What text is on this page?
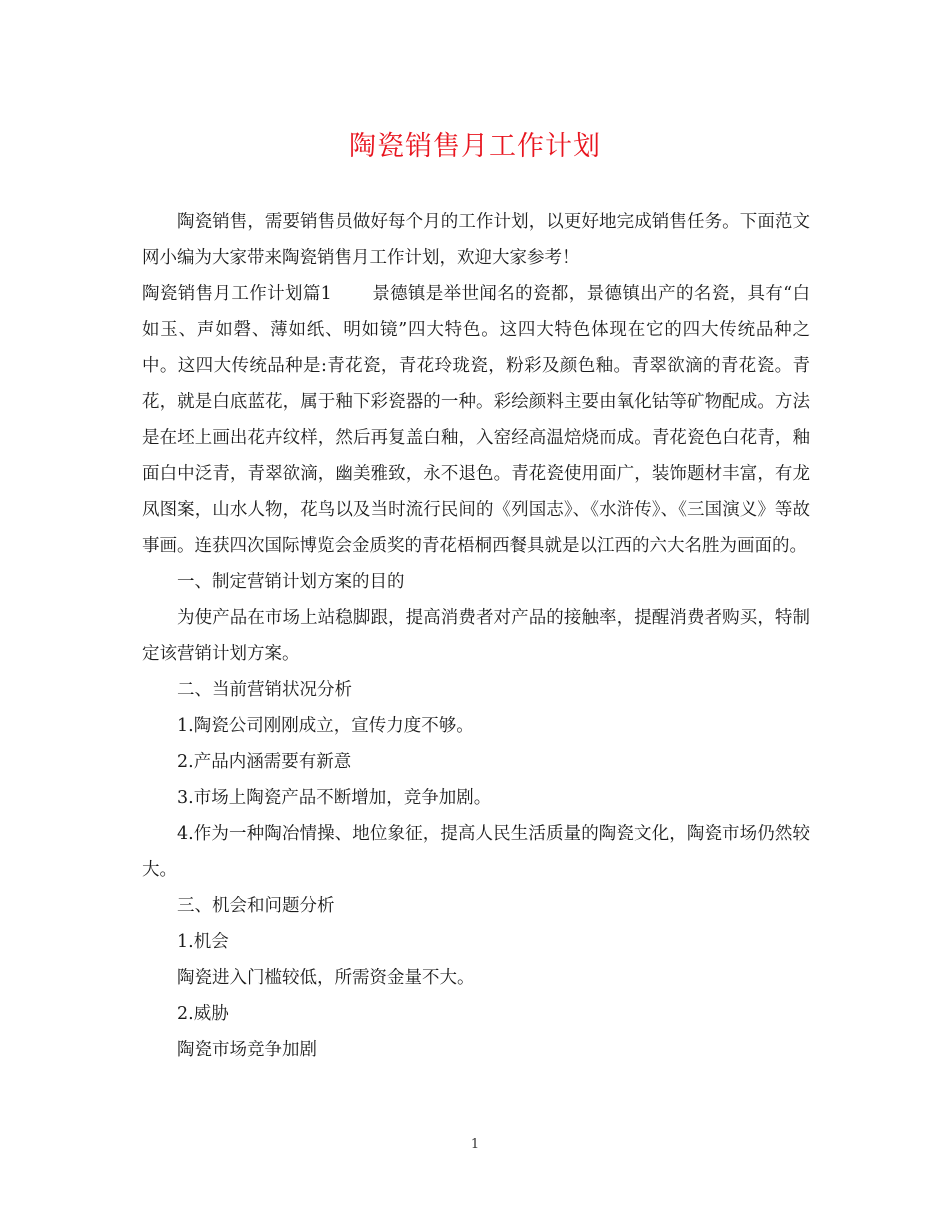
陶瓷销售月工作计划

陶瓷销售，需要销售员做好每个月的工作计划，以更好地完成销售任务。下面范文网小编为大家带来陶瓷销售月工作计划，欢迎大家参考！

陶瓷销售月工作计划篇1 景德镇是举世闻名的瓷都，景德镇出产的名瓷，具有“白如玉、声如磬、薄如纸、明如镜”四大特色。这四大特色体现在它的四大传统品种之中。这四大传统品种是:青花瓷，青花玲珑瓷，粉彩及颜色釉。青翠欲滴的青花瓷。青花，就是白底蓝花，属于釉下彩瓷器的一种。彩绘颜料主要由氧化钴等矿物配成。方法是在坯上画出花卉纹样，然后再复盖白釉，入窑经高温焙烧而成。青花瓷色白花青，釉面白中泛青，青翠欲滴，幽美雅致，永不退色。青花瓷使用面广，装饰题材丰富，有龙凤图案，山水人物，花鸟以及当时流行民间的《列国志》、《水浒传》、《三国演义》等故事画。连获四次国际博览会金质奖的青花梧桐西餐具就是以江西的六大名胜为画面的。

一、制定营销计划方案的目的

为使产品在市场上站稳脚跟，提高消费者对产品的接触率，提醒消费者购买，特制定该营销计划方案。

二、当前营销状况分析

1.陶瓷公司刚刚成立，宣传力度不够。

2.产品内涵需要有新意

3.市场上陶瓷产品不断增加，竞争加剧。

4.作为一种陶冶情操、地位象征，提高人民生活质量的陶瓷文化，陶瓷市场仍然较大。

三、机会和问题分析

1.机会

陶瓷进入门槛较低，所需资金量不大。

2.威胁

陶瓷市场竞争加剧

1
